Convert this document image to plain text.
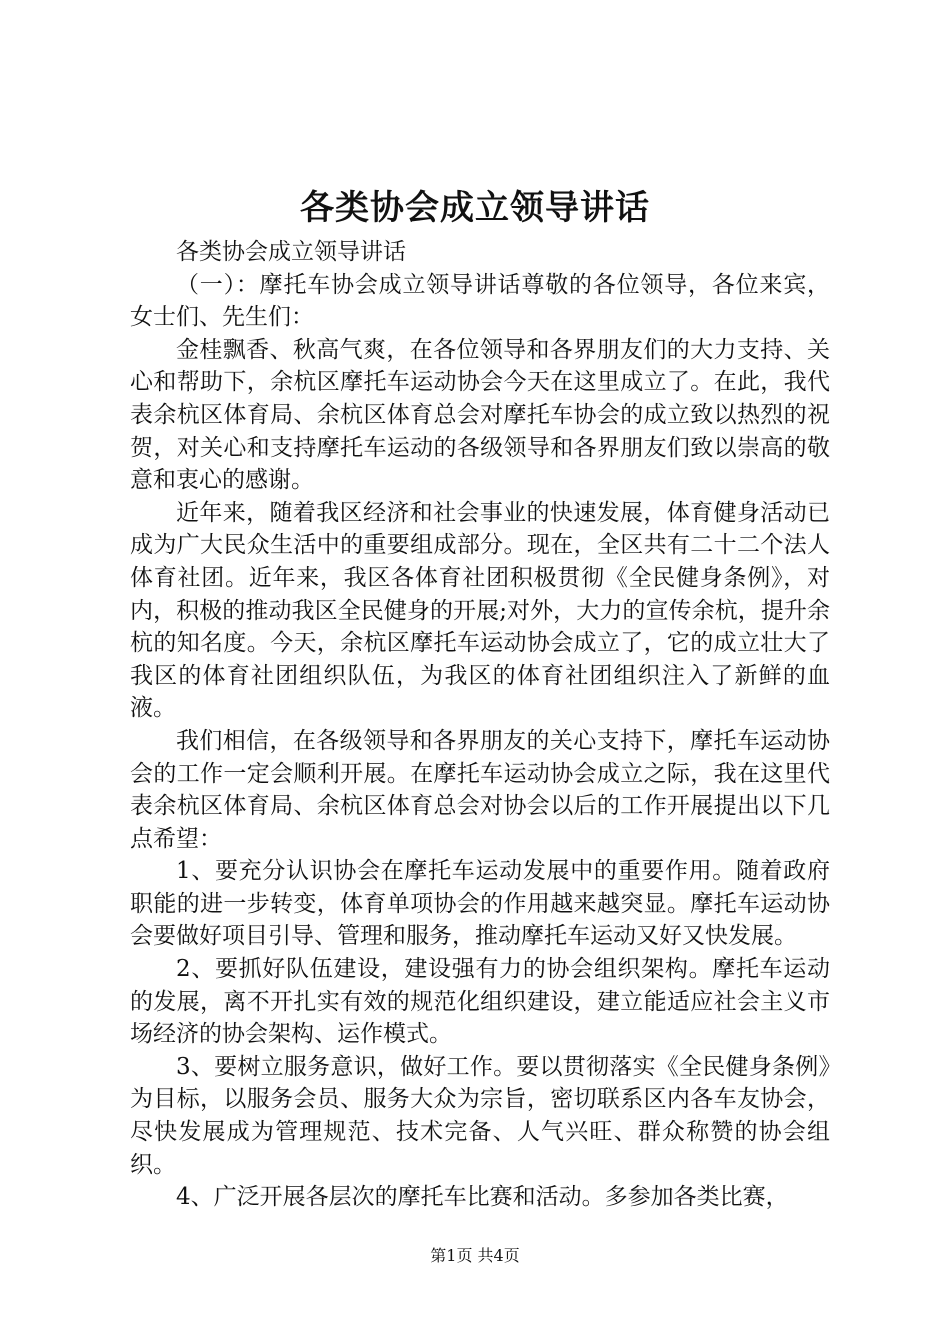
各类协会成立领导讲话

各类协会成立领导讲话

（一）：摩托车协会成立领导讲话尊敬的各位领导，各位来宾，女士们、先生们：

金桂飘香、秋高气爽，在各位领导和各界朋友们的大力支持、关心和帮助下，余杭区摩托车运动协会今天在这里成立了。在此，我代表余杭区体育局、余杭区体育总会对摩托车协会的成立致以热烈的祝贺，对关心和支持摩托车运动的各级领导和各界朋友们致以崇高的敬意和衷心的感谢。

近年来，随着我区经济和社会事业的快速发展，体育健身活动已成为广大民众生活中的重要组成部分。现在，全区共有二十二个法人体育社团。近年来，我区各体育社团积极贯彻《全民健身条例》，对内，积极的推动我区全民健身的开展;对外，大力的宣传余杭，提升余杭的知名度。今天，余杭区摩托车运动协会成立了，它的成立壮大了我区的体育社团组织队伍，为我区的体育社团组织注入了新鲜的血液。

我们相信，在各级领导和各界朋友的关心支持下，摩托车运动协会的工作一定会顺利开展。在摩托车运动协会成立之际，我在这里代表余杭区体育局、余杭区体育总会对协会以后的工作开展提出以下几点希望：

1、要充分认识协会在摩托车运动发展中的重要作用。随着政府职能的进一步转变，体育单项协会的作用越来越突显。摩托车运动协会要做好项目引导、管理和服务，推动摩托车运动又好又快发展。

2、要抓好队伍建设，建设强有力的协会组织架构。摩托车运动的发展，离不开扎实有效的规范化组织建设，建立能适应社会主义市场经济的协会架构、运作模式。

3、要树立服务意识，做好工作。要以贯彻落实《全民健身条例》为目标，以服务会员、服务大众为宗旨，密切联系区内各车友协会，尽快发展成为管理规范、技术完备、人气兴旺、群众称赞的协会组织。

4、广泛开展各层次的摩托车比赛和活动。多参加各类比赛，

第1页 共4页
